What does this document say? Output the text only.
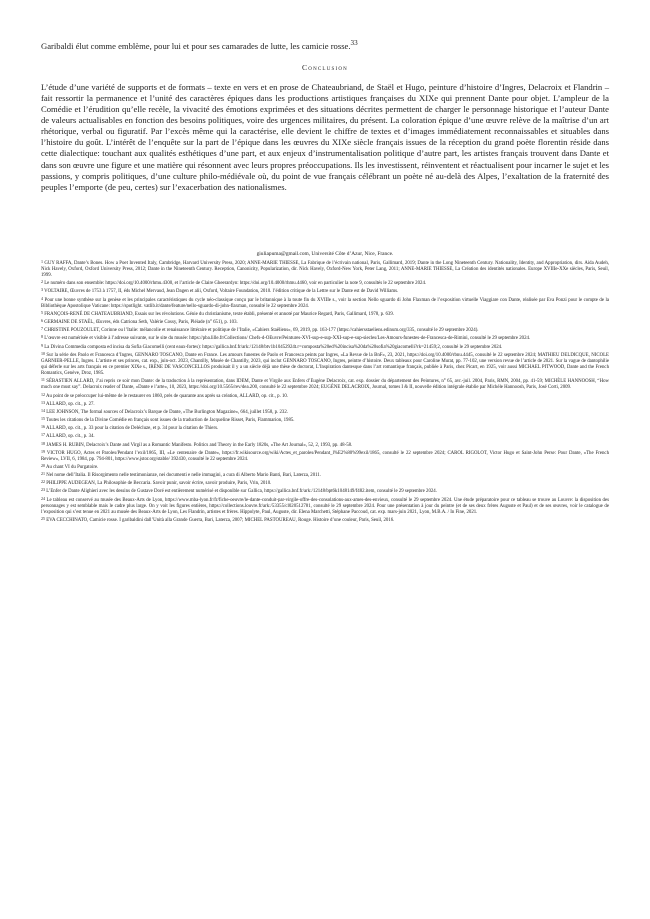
Garibaldi élut comme emblème, pour lui et pour ses camarades de lutte, les camicie rosse.$^{33}$

Conclusion

L’étude d’une variété de supports et de formats – texte en vers et en prose de Chateaubriand, de Staël et Hugo, peinture d’histoire d’Ingres, Delacroix et Flandrin – fait ressortir la permanence et l’unité des caractères épiques dans les productions artistiques françaises du XIXe qui prennent Dante pour objet. L’ampleur de la Comédie et l’érudition qu’elle recèle, la vivacité des émotions exprimées et des situations décrites permettent de charger le personnage historique et l’auteur Dante de valeurs actualisables en fonction des besoins politiques, voire des urgences militaires, du présent. La coloration épique d’une œuvre relève de la maîtrise d’un art rhétorique, verbal ou figuratif. Par l’excès même qui la caractérise, elle devient le chiffre de textes et d’images immédiatement reconnaissables et situables dans l’histoire du goût. L’intérêt de l’enquête sur la part de l’épique dans les œuvres du XIXe siècle français issues de la réception du grand poète florentin réside dans cette dialectique: touchant aux qualités esthétiques d’une part, et aux enjeux d’instrumentalisation politique d’autre part, les artistes français trouvent dans Dante et dans son œuvre une figure et une matière qui résonnent avec leurs propres préoccupations. Ils les investissent, réinventent et réactualisent pour incarner le sujet et les passions, y compris politiques, d’une culture philo-médiévale où, du point de vue français célébrant un poète né au-delà des Alpes, l’exaltation de la fraternité des peuples l’emporte (de peu, certes) sur l’exacerbation des nationalismes.

giuliapuma@gmail.com, Université Côte d’Azur, Nice, France.

$^1$ GUY RAFFA, Dante’s Bones. How a Poet Invented Italy, Cambridge, Harvard University Press, 2020; ANNE-MARIE THIESSE, La Fabrique de l’écrivain national, Paris, Gallimard, 2019; Dante in the Long Nineteenth Century. Nationality, Identity, and Appropriation, dirs. Aida Audeh, Nick Havely, Oxford, Oxford University Press, 2012; Dante in the Nineteenth Century. Reception, Canonicity, Popularization, dir. Nick Havely, Oxford-New York, Peter Lang, 2011; ANNE-MARIE THIESSE, La Création des identités nationales. Europe XVIIIe-XXe siècles, Paris, Seuil, 1999.

$^2$ Le numéro dans son ensemble: https://doi.org/10.4000/rhmu.4300, et l’article de Claire Gheerardyn: https://doi.org/10.4000/rhmu.4460, voir en particulier la note 9, consultés le 22 septembre 2024.

$^3$ VOLTAIRE, Œuvres de 1753 à 1757, II, éds Michel Mervaud, Jean Dagen et alii, Oxford, Voltaire Foundation, 2010. l’édition critique de la Lettre sur le Dante est de David Williams.

$^4$ Pour une bonne synthèse sur la genèse et les principales caractéristiques du cycle néo-classique conçu par le britannique à la toute fin du XVIIIe s., voir la section Nello sguardo di John Flaxman de l’exposition virtuelle Viaggiare con Dante, réalisée par Eva Ponzi pour le compte de la Bibliothèque Apostolique Vaticane: https://spotlight. vatlib.it/dante/feature/nello-sguardo-di-john-flaxman, consulté le 22 septembre 2024.

$^5$ FRANÇOIS-RENÉ DE CHATEAUBRIAND, Essais sur les révolutions. Génie du christianisme, texte établi, présenté et annoté par Maurice Regard, Paris, Gallimard, 1978, p. 639.

$^6$ GERMAINE DE STAËL, Œuvres, éds Catriona Seth, Valérie Cossy, Paris, Pléiade (n° 651), p. 103.

$^7$ CHRISTINE POUZOULET, Corinne ou l’Italie: mélancolie et renaissance littéraire et politique de l’Italie, «Cahiers Staëliens», 69, 2019, pp. 163-177 (https://cahiersstaeliens.edinum.org/335, consulté le 29 septembre 2024).

$^8$ L’œuvre est numérisée et visible à l’adresse suivante, sur le site du musée: https://pba.lille.fr/Collections/ Chefs-d-OEuvre/Peintures-XVI-sup-e-sup-XXI-sup-e-sup-siecles/Les-Amours-funestes-de-Francesca-de-Rimini, consulté le 29 septembre 2024.

$^9$ La Divina Commedia composta ed incisa da Sofia Giacomelli (cent eaux-fortes): https://gallica.bnf.fr/ark:/12148/btv1b10452924t.r=composta%20ed%20incisa%20da%20sofia%20giacomelli?rk=21459;2, consulté le 29 septembre 2024.

$^{10}$ Sur la série des Paolo et Francesca d’Ingres, GENNARO TOSCANO, Dante en France. Les amours funestes de Paolo et Francesca peints par Ingres, «La Revue de la BnF», 23, 2021, https://doi.org/10.4000/rbnu.4445, consulté le 22 septembre 2024; MATHIEU DELDICQUE, NICOLE GARNIER-PELLE, Ingres. L’artiste et ses princes, cat. exp., juin-oct. 2023, Chantilly, Musée de Chantilly, 2023, qui inclut GENNARO TOSCANO, Ingres, peintre d’histoire. Deux tableaux pour Caroline Murat, pp. 77-102, une version revue de l’article de 2021. Sur la vague de dantophilie qui déferle sur les arts français en ce premier XIXe s., IRÈNE DE VASCONCELLOS produisait il y a un siècle déjà une thèse de doctorat, L’Inspiration dantesque dans l’art romantique français, publiée à Paris, chez Picart, en 1925, voir aussi MICHAEL PITWOOD, Dante and the French Romantics, Genève, Droz, 1985.

$^{11}$ SÉBASTIEN ALLARD, J’ai repris ce soir mon Dante: de la traduction à la représentation, dans IDEM, Dante et Virgile aux Enfers d’Eugène Delacroix, cat. exp. dossier du département des Peintures, n° 65, avr.-juil. 2004, Paris, RMN, 2004, pp. 41-59; MICHÈLE HANNOOSH, “How much one must say”. Delacroix reader of Dante, «Dante e l’arte», 10, 2023, https://doi.org/10.5565/rev/dea.200, consulté le 22 septembre 2024; EUGÈNE DELACROIX, Journal, tomes I & II, nouvelle édition intégrale établie par Michèle Hannoosh, Paris, José Corti, 2009.

$^{12}$ Au point de se préoccuper lui-même de le restaurer en 1860, près de quarante ans après sa création, ALLARD, op. cit., p. 10.

$^{13}$ ALLARD, op. cit., p. 27.

$^{14}$ LEE JOHNSON, The formal sources of Delacroix’s Barque de Dante, «The Burlington Magazine», 664, juillet 1958, p. 232.

$^{15}$ Toutes les citations de la Divine Comédie en français sont issues de la traduction de Jacqueline Risset, Paris, Flammarion, 1985.

$^{16}$ ALLARD, op. cit., p. 33 pour la citation de Delécluze, et p. 34 pour la citation de Thiers.

$^{17}$ ALLARD, op. cit., p. 34.

$^{18}$ JAMES H. RUBIN, Delacroix’s Dante and Virgil as a Romantic Manifesto. Politics and Theory in the Early 1820s, «The Art Journal», 52, 2, 1993, pp. 48-58.

$^{19}$ VICTOR HUGO, Actes et Paroles/Pendant l’exil/1865, III, «Le centenaire de Dante», https://fr.wikisource.org/wiki/Actes_et_paroles/Pendant_l%E2%80%99exil/1865, consulté le 22 septembre 2024; CAROL RIGOLOT, Victor Hugo et Saint-John Perse: Pour Dante, «The French Review», LVII, 6, 1984, pp. 794-801, https://www.jstor.org/stable/ 392430, consulté le 22 septembre 2024.

$^{20}$ Au chant VI du Purgatoire.

$^{21}$ Nel nome dell’Italia. Il Risorgimento nelle testimonianze, nei documenti e nelle immagini, a cura di Alberto Mario Banti, Bari, Laterza, 2011.

$^{22}$ PHILIPPE AUDEGEAN, La Philosophie de Beccaria. Savoir punir, savoir écrire, savoir produire, Paris, Vrin, 2010.

$^{23}$ L’Enfer de Dante Alighieri avec les dessins de Gustave Doré est entièrement numérisé et disponible sur Gallica, https://gallica.bnf.fr/ark:/12148/bpt6k1048149/f482.item, consulté le 29 septembre 2024.

$^{24}$ Le tableau est conservé au musée des Beaux-Arts de Lyon, https://www.mba-lyon.fr/fr/fiche-oeuvre/le-dante-conduit-par-virgile-offre-des-consolations-aux-ames-des-envieux, consulté le 29 septembre 2024. Une étude préparatoire pour ce tableau se trouve au Louvre: la disposition des personnages y est semblable mais le cadre plus large. On y voit les figures entières, https://collections.louvre.fr/ark:/53355/cl020512781, consulté le 29 septembre 2024. Pour une présentation à jour du peintre (et de ses deux frères Auguste et Paul) et de ses œuvres, voir le catalogue de l’exposition qui s’est tenue en 2021 au musée des Beaux-Arts de Lyon, Les Flandrin, artistes et frères. Hippolyte, Paul, Auguste, dir. Elena Marchetti, Stéphane Paccoud, cat. exp. mars-juin 2021, Lyon, M.B.A. / In Fine, 2021.

$^{25}$ EVA CECCHINATO, Camicie rosse. I garibaldini dall’Unità alla Grande Guerra, Bari, Laterza, 2007; MICHEL PASTOUREAU, Rouge. Histoire d’une couleur, Paris, Seuil, 2016.
